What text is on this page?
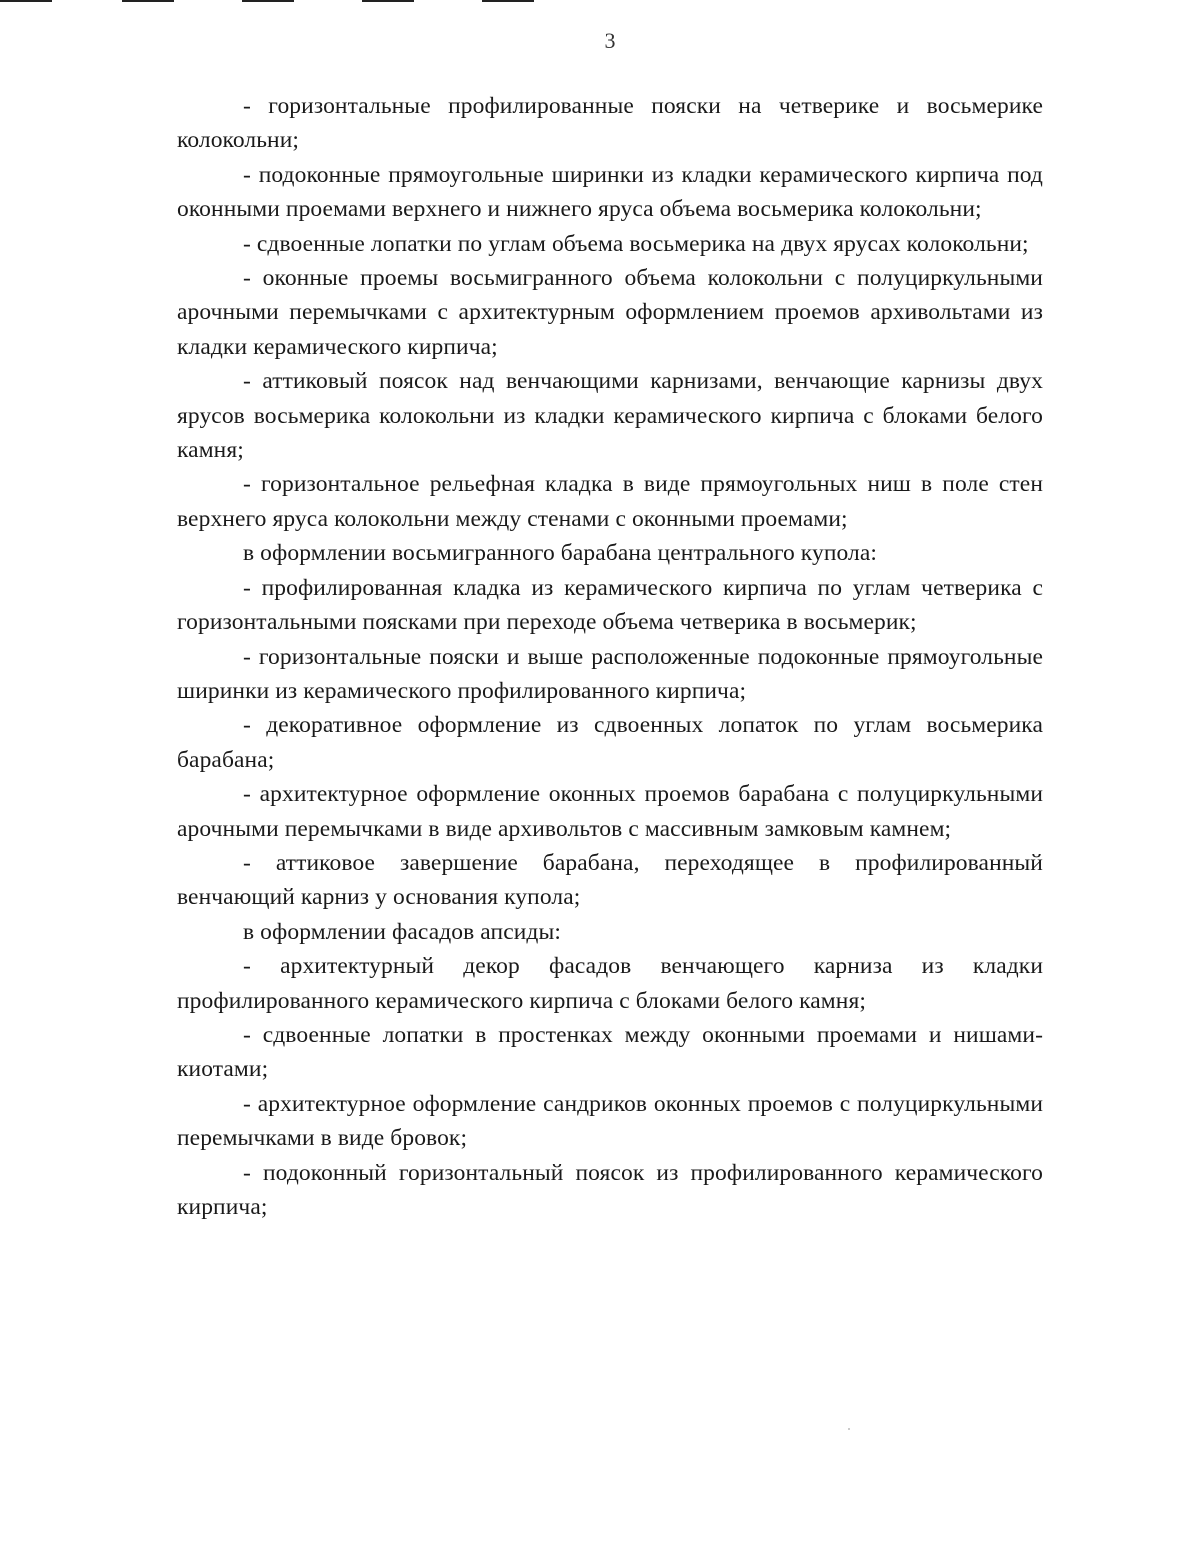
3

- горизонтальные профилированные пояски на четверике и восьмерике колокольни;

- подоконные прямоугольные ширинки из кладки керамического кирпича под оконными проемами верхнего и нижнего яруса объема восьмерика колокольни;

- сдвоенные лопатки по углам объема восьмерика на двух ярусах колокольни;

- оконные проемы восьмигранного объема колокольни с полуциркульными арочными перемычками с архитектурным оформлением проемов архивольтами из кладки керамического кирпича;

- аттиковый поясок над венчающими карнизами, венчающие карнизы двух ярусов восьмерика колокольни из кладки керамического кирпича с блоками белого камня;

- горизонтальное рельефная кладка в виде прямоугольных ниш в поле стен верхнего яруса колокольни между стенами с оконными проемами;

в оформлении восьмигранного барабана центрального купола:

- профилированная кладка из керамического кирпича по углам четверика с горизонтальными поясками при переходе объема четверика в восьмерик;

- горизонтальные пояски и выше расположенные подоконные прямоугольные ширинки из керамического профилированного кирпича;

- декоративное оформление из сдвоенных лопаток по углам восьмерика барабана;

- архитектурное оформление оконных проемов барабана с полуциркульными арочными перемычками в виде архивольтов с массивным замковым камнем;

- аттиковое завершение барабана, переходящее в профилированный венчающий карниз у основания купола;

в оформлении фасадов апсиды:

- архитектурный декор фасадов венчающего карниза из кладки профилированного керамического кирпича с блоками белого камня;

- сдвоенные лопатки в простенках между оконными проемами и нишами-киотами;

- архитектурное оформление сандриков оконных проемов с полуциркульными перемычками в виде бровок;

- подоконный горизонтальный поясок из профилированного керамического кирпича;
